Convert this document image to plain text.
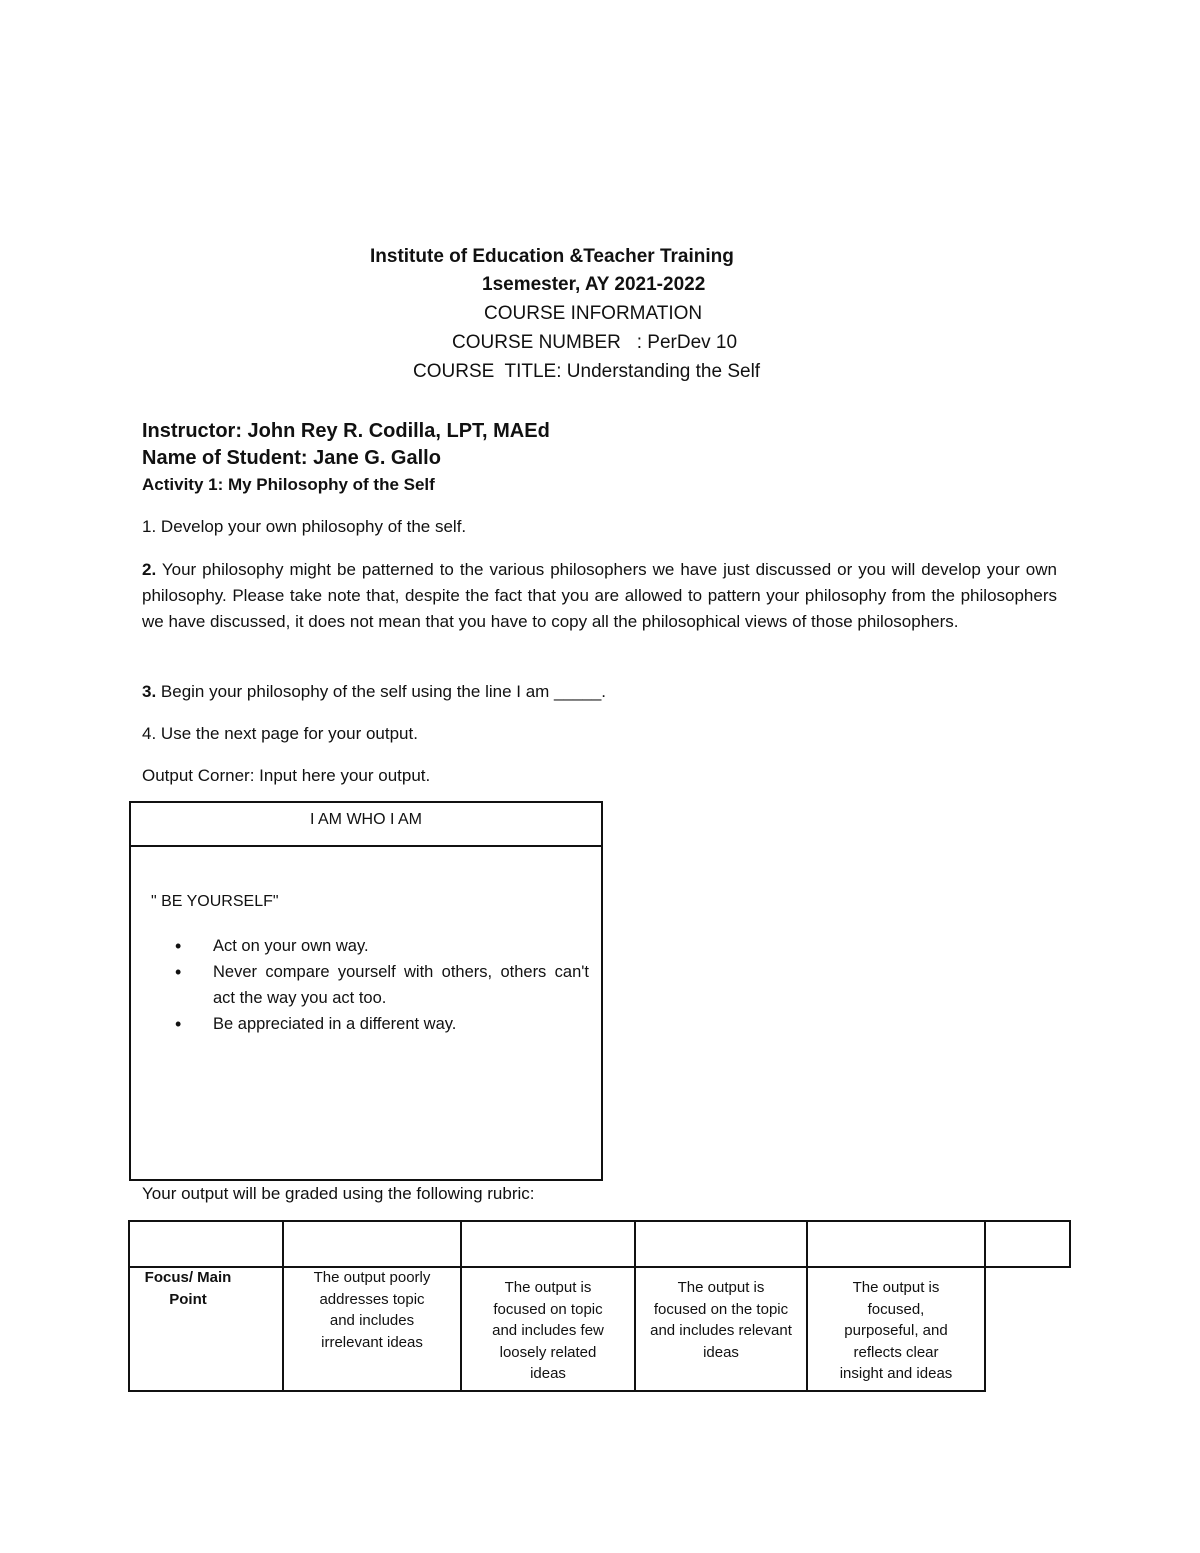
Institute of Education &Teacher Training
1semester, AY 2021-2022
COURSE INFORMATION
COURSE NUMBER   : PerDev 10
COURSE  TITLE: Understanding the Self
Instructor: John Rey R. Codilla, LPT, MAEd
Name of Student: Jane G. Gallo
Activity 1: My Philosophy of the Self
1. Develop your own philosophy of the self.
2. Your philosophy might be patterned to the various philosophers we have just discussed or you will develop your own philosophy. Please take note that, despite the fact that you are allowed to pattern your philosophy from the philosophers we have discussed, it does not mean that you have to copy all the philosophical views of those philosophers.
3. Begin your philosophy of the self using the line I am _____.
4. Use the next page for your output.
Output Corner: Input here your output.
I AM WHO I AM
" BE YOURSELF"
• Act on your own way.
• Never compare yourself with others, others can't act the way you act too.
• Be appreciated in a different way.
Your output will be graded using the following rubric:
Focus/ Main Point
The output poorly addresses topic and includes irrelevant ideas
The output is focused on topic and includes few loosely related ideas
The output is focused on the topic and includes relevant ideas
The output is focused, purposeful, and reflects clear insight and ideas
